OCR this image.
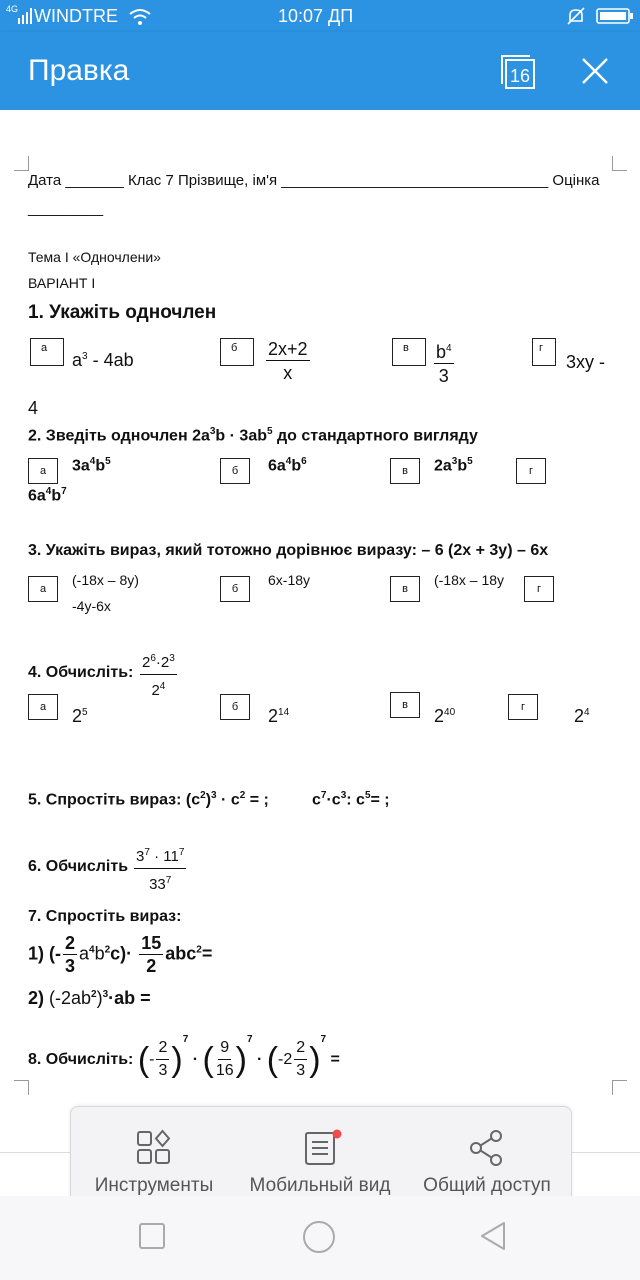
4G WINDTRE	10:07 ДП
Правка	16
Дата _______ Клас 7 Прізвище, ім'я ________________________________ Оцінка
_________
Тема І «Одночлени»
ВАРІАНТ І
1. Укажіть одночлен
а
$a^3 - 4ab$
б	$\frac{2x+2}{x}$	в	$\frac{b^4}{3}$	г
3xy -
4
2. Зведіть одночлен $2a^3b \cdot 3ab^5$ до стандартного вигляду
а	$3a^4b^5$
б	$6a^4b^6$
в	$2a^3b^5$
г
$6a^4b^7$
3. Укажіть вираз, який тотожно дорівнює виразу: – 6 (2x + 3y) – 6x
а
(-18x – 8y)
-4y-6x
б
6x-18y
в
(-18x – 18y
г
4. Обчисліть: $\frac{2^6\cdot 2^3}{2^4}$
а	$2^5$	б	$2^{14}$
в
$2^{40}$	г	$2^4$
5. Спростіть вираз: $(c^2)^3 \cdot c^2$ = ;	$c^7\cdot c^3$: $c^5=$ ;
6. Обчисліть $\frac{3^7 \cdot 11^7}{33^7}$
7. Спростіть вираз:
1) (- $\frac{2}{3} a^4b^2c)\cdot \frac{15}{2} abc^2=$
2) $(-2ab^2)^3\cdot ab$ =
8. Обчисліть: (- $\frac{2}{3} )^7$ · ( $\frac{9}{16} )^7 \cdot (-2 \frac{2}{3} )^7$ =
Инструменты	Мобильный вид	Общий доступ
